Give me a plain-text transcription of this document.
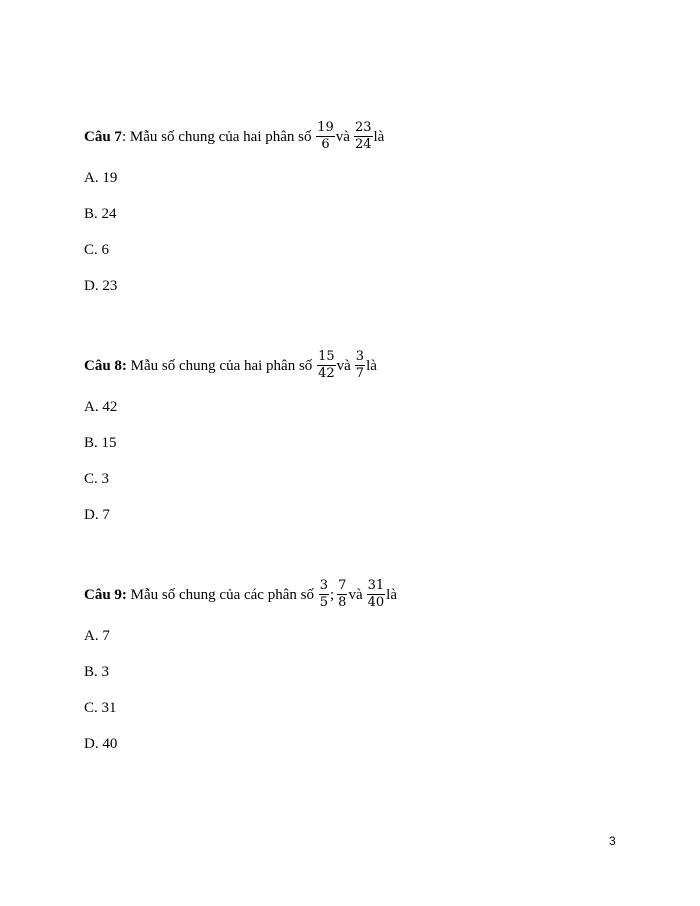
Câu 7 : Mẫu số chung của hai phân số $\frac{19}{6}$ và $\frac{23}{24}$ là
A. 19
B. 24
C. 6
D. 23
Câu 8: Mẫu số chung của hai phân số $\frac{15}{42}$ và $\frac{3}{7}$ là
A. 42
B. 15
C. 3
D. 7
Câu 9: Mẫu số chung của các phân số $\frac{3}{5}$ ; $\frac{7}{8}$ và $\frac{31}{40}$ là
A. 7
B. 3
C. 31
D. 40
3
